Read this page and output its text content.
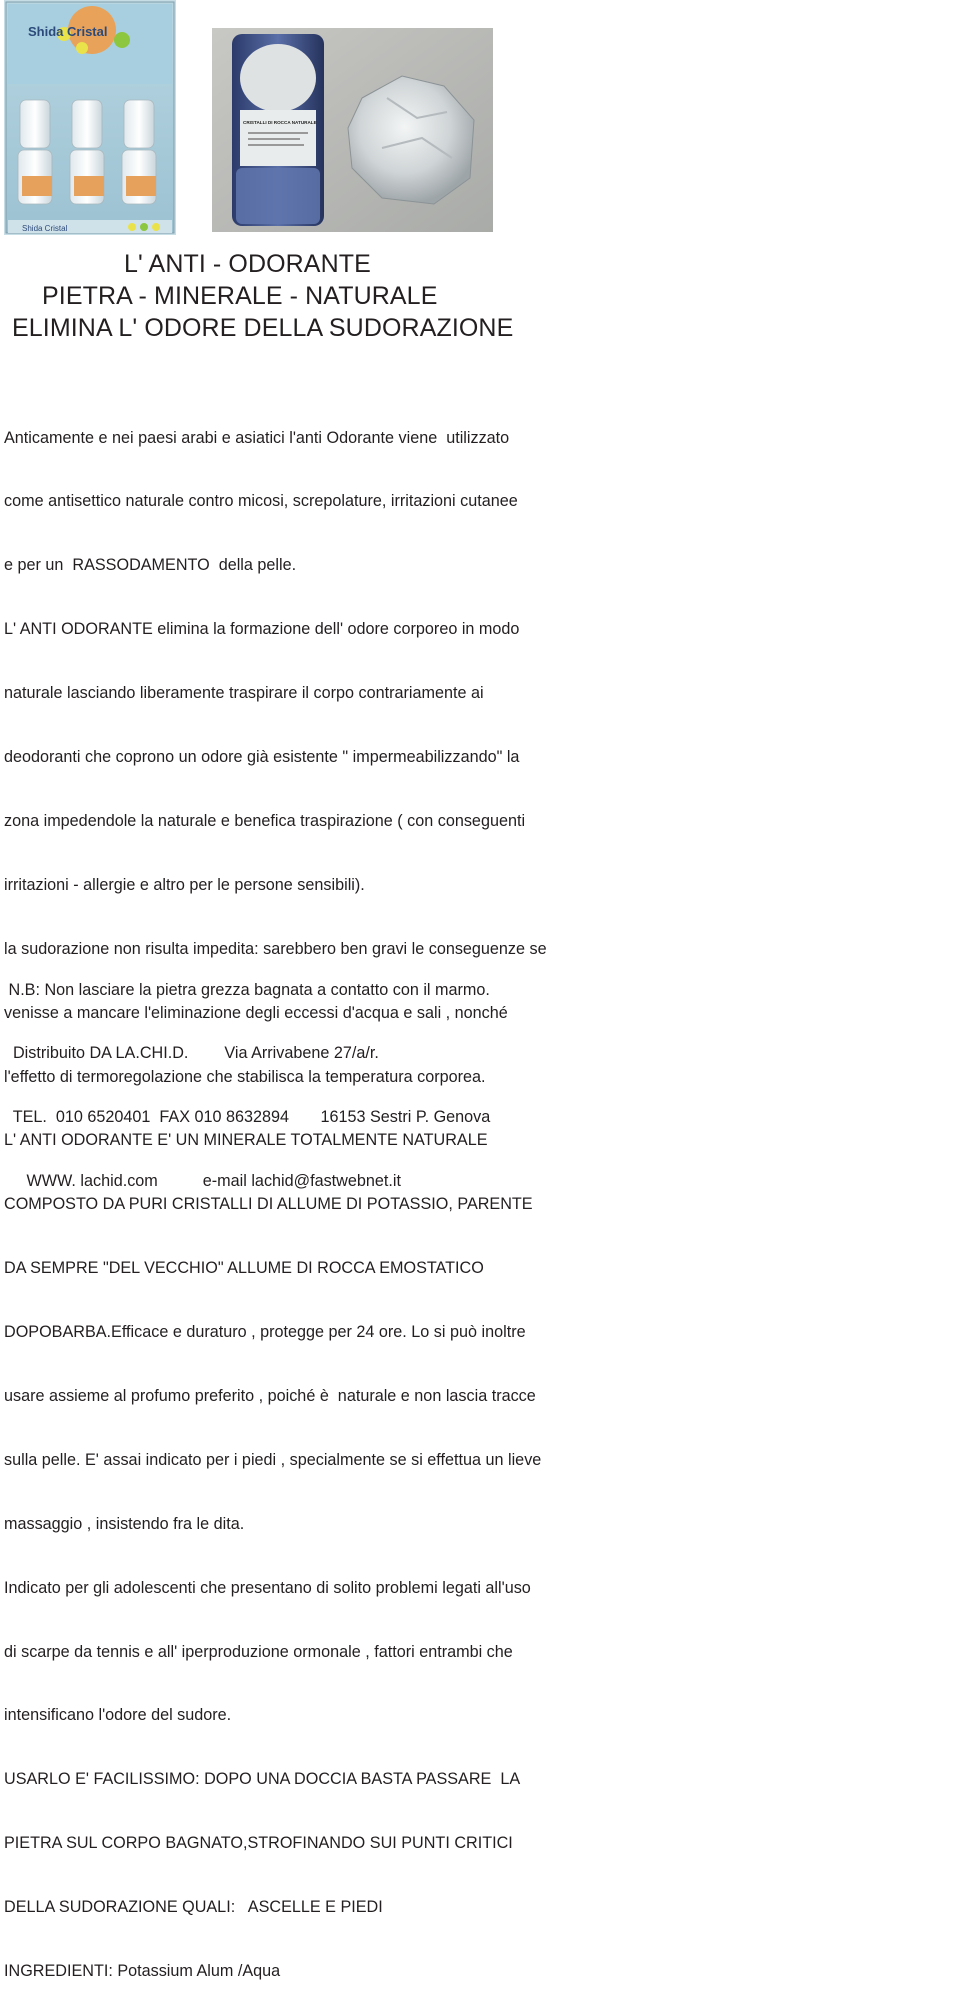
Shida Cristal
Shida Cristal
CRISTALLI DI ROCCA NATURALE
L' ANTI - ODORANTE
PIETRA - MINERALE - NATURALE
ELIMINA L' ODORE DELLA SUDORAZIONE

Anticamente e nei paesi arabi e asiatici l'anti Odorante viene  utilizzato

come antisettico naturale contro micosi, screpolature, irritazioni cutanee

e per un  RASSODAMENTO  della pelle.

L' ANTI ODORANTE elimina la formazione dell' odore corporeo in modo

naturale lasciando liberamente traspirare il corpo contrariamente ai

deodoranti che coprono un odore già esistente " impermeabilizzando" la

zona impedendole la naturale e benefica traspirazione ( con conseguenti

irritazioni - allergie e altro per le persone sensibili).

la sudorazione non risulta impedita: sarebbero ben gravi le conseguenze se

venisse a mancare l'eliminazione degli eccessi d'acqua e sali , nonché

l'effetto di termoregolazione che stabilisca la temperatura corporea.

L' ANTI ODORANTE E' UN MINERALE TOTALMENTE NATURALE

COMPOSTO DA PURI CRISTALLI DI ALLUME DI POTASSIO, PARENTE

DA SEMPRE "DEL VECCHIO" ALLUME DI ROCCA EMOSTATICO

DOPOBARBA.Efficace e duraturo , protegge per 24 ore. Lo si può inoltre

usare assieme al profumo preferito , poiché è  naturale e non lascia tracce

sulla pelle. E' assai indicato per i piedi , specialmente se si effettua un lieve

massaggio , insistendo fra le dita.

Indicato per gli adolescenti che presentano di solito problemi legati all'uso

di scarpe da tennis e all' iperproduzione ormonale , fattori entrambi che

intensificano l'odore del sudore.

USARLO E' FACILISSIMO: DOPO UNA DOCCIA BASTA PASSARE  LA

PIETRA SUL CORPO BAGNATO,STROFINANDO SUI PUNTI CRITICI

DELLA SUDORAZIONE QUALI:   ASCELLE E PIEDI

INGREDIENTI: Potassium Alum /Aqua

N.B: Non lasciare la pietra grezza bagnata a contatto con il marmo.

Distribuito DA LA.CHI.D.        Via Arrivabene 27/a/r.

TEL.  010 6520401  FAX 010 8632894       16153 Sestri P. Genova

WWW. lachid.com          e-mail lachid@fastwebnet.it
